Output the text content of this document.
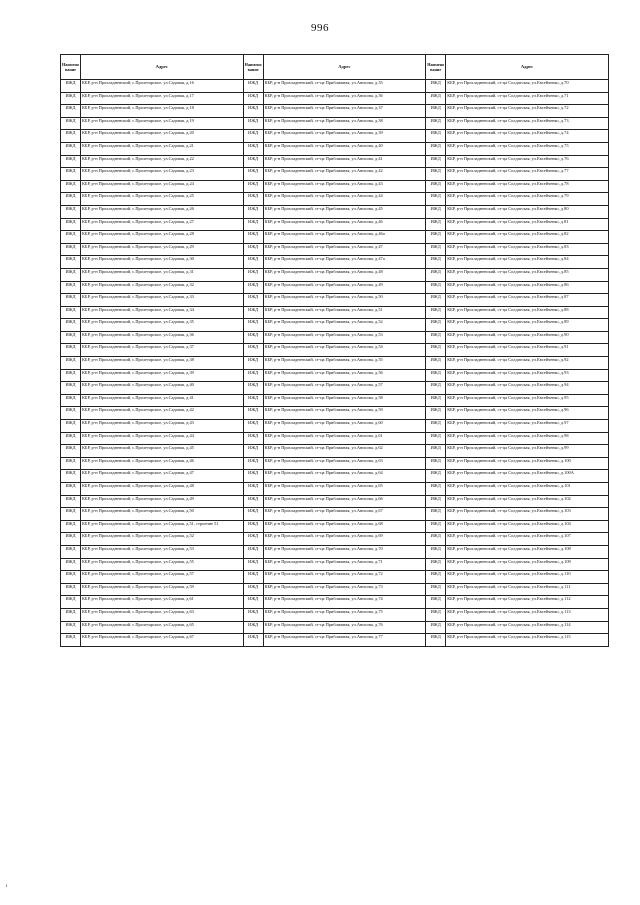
996
Наименование	Адрес	Наименование	Адрес	Наименование	Адрес
ИЖД	КБР, р-н Прохладненский, с.Пролетарское, ул.Садовая, д.16	ИЖД	КБР, р-н Прохладненский, ст-ца Приближная, ул.Анисова, д.35	ИЖД	КБР, р-н Прохладненский, ст-ца Солдатская, ул.Евсейченко, д.70
ИЖД	КБР, р-н Прохладненский, с.Пролетарское, ул.Садовая, д.17	ИЖД	КБР, р-н Прохладненский, ст-ца Приближная, ул.Анисова, д.36	ИЖД	КБР, р-н Прохладненский, ст-ца Солдатская, ул.Евсейченко, д.71
ИЖД	КБР, р-н Прохладненский, с.Пролетарское, ул.Садовая, д.18	ИЖД	КБР, р-н Прохладненский, ст-ца Приближная, ул.Анисова, д.37	ИЖД	КБР, р-н Прохладненский, ст-ца Солдатская, ул.Евсейченко, д.72
ИЖД	КБР, р-н Прохладненский, с.Пролетарское, ул.Садовая, д.19	ИЖД	КБР, р-н Прохладненский, ст-ца Приближная, ул.Анисова, д.38	ИЖД	КБР, р-н Прохладненский, ст-ца Солдатская, ул.Евсейченко, д.73
ИЖД	КБР, р-н Прохладненский, с.Пролетарское, ул.Садовая, д.20	ИЖД	КБР, р-н Прохладненский, ст-ца Приближная, ул.Анисова, д.39	ИЖД	КБР, р-н Прохладненский, ст-ца Солдатская, ул.Евсейченко, д.74
ИЖД	КБР, р-н Прохладненский, с.Пролетарское, ул.Садовая, д.21	ИЖД	КБР, р-н Прохладненский, ст-ца Приближная, ул.Анисова, д.40	ИЖД	КБР, р-н Прохладненский, ст-ца Солдатская, ул.Евсейченко, д.75
ИЖД	КБР, р-н Прохладненский, с.Пролетарское, ул.Садовая, д.22	ИЖД	КБР, р-н Прохладненский, ст-ца Приближная, ул.Анисова, д.41	ИЖД	КБР, р-н Прохладненский, ст-ца Солдатская, ул.Евсейченко, д.76
ИЖД	КБР, р-н Прохладненский, с.Пролетарское, ул.Садовая, д.23	ИЖД	КБР, р-н Прохладненский, ст-ца Приближная, ул.Анисова, д.42	ИЖД	КБР, р-н Прохладненский, ст-ца Солдатская, ул.Евсейченко, д.77
ИЖД	КБР, р-н Прохладненский, с.Пролетарское, ул.Садовая, д.24	ИЖД	КБР, р-н Прохладненский, ст-ца Приближная, ул.Анисова, д.43	ИЖД	КБР, р-н Прохладненский, ст-ца Солдатская, ул.Евсейченко, д.78
ИЖД	КБР, р-н Прохладненский, с.Пролетарское, ул.Садовая, д.25	ИЖД	КБР, р-н Прохладненский, ст-ца Приближная, ул.Анисова, д.44	ИЖД	КБР, р-н Прохладненский, ст-ца Солдатская, ул.Евсейченко, д.79
ИЖД	КБР, р-н Прохладненский, с.Пролетарское, ул.Садовая, д.26	ИЖД	КБР, р-н Прохладненский, ст-ца Приближная, ул.Анисова, д.45	ИЖД	КБР, р-н Прохладненский, ст-ца Солдатская, ул.Евсейченко, д.80
ИЖД	КБР, р-н Прохладненский, с.Пролетарское, ул.Садовая, д.27	ИЖД	КБР, р-н Прохладненский, ст-ца Приближная, ул.Анисова, д.46	ИЖД	КБР, р-н Прохладненский, ст-ца Солдатская, ул.Евсейченко, д.81
ИЖД	КБР, р-н Прохладненский, с.Пролетарское, ул.Садовая, д.28	ИЖД	КБР, р-н Прохладненский, ст-ца Приближная, ул.Анисова, д.46а	ИЖД	КБР, р-н Прохладненский, ст-ца Солдатская, ул.Евсейченко, д.82
ИЖД	КБР, р-н Прохладненский, с.Пролетарское, ул.Садовая, д.29	ИЖД	КБР, р-н Прохладненский, ст-ца Приближная, ул.Анисова, д.47	ИЖД	КБР, р-н Прохладненский, ст-ца Солдатская, ул.Евсейченко, д.83
ИЖД	КБР, р-н Прохладненский, с.Пролетарское, ул.Садовая, д.30	ИЖД	КБР, р-н Прохладненский, ст-ца Приближная, ул.Анисова, д.47а	ИЖД	КБР, р-н Прохладненский, ст-ца Солдатская, ул.Евсейченко, д.84
ИЖД	КБР, р-н Прохладненский, с.Пролетарское, ул.Садовая, д.31	ИЖД	КБР, р-н Прохладненский, ст-ца Приближная, ул.Анисова, д.48	ИЖД	КБР, р-н Прохладненский, ст-ца Солдатская, ул.Евсейченко, д.85
ИЖД	КБР, р-н Прохладненский, с.Пролетарское, ул.Садовая, д.32	ИЖД	КБР, р-н Прохладненский, ст-ца Приближная, ул.Анисова, д.49	ИЖД	КБР, р-н Прохладненский, ст-ца Солдатская, ул.Евсейченко, д.86
ИЖД	КБР, р-н Прохладненский, с.Пролетарское, ул.Садовая, д.33	ИЖД	КБР, р-н Прохладненский, ст-ца Приближная, ул.Анисова, д.50	ИЖД	КБР, р-н Прохладненский, ст-ца Солдатская, ул.Евсейченко, д.87
ИЖД	КБР, р-н Прохладненский, с.Пролетарское, ул.Садовая, д.34	ИЖД	КБР, р-н Прохладненский, ст-ца Приближная, ул.Анисова, д.51	ИЖД	КБР, р-н Прохладненский, ст-ца Солдатская, ул.Евсейченко, д.88
ИЖД	КБР, р-н Прохладненский, с.Пролетарское, ул.Садовая, д.35	ИЖД	КБР, р-н Прохладненский, ст-ца Приближная, ул.Анисова, д.52	ИЖД	КБР, р-н Прохладненский, ст-ца Солдатская, ул.Евсейченко, д.89
ИЖД	КБР, р-н Прохладненский, с.Пролетарское, ул.Садовая, д.36	ИЖД	КБР, р-н Прохладненский, ст-ца Приближная, ул.Анисова, д.53	ИЖД	КБР, р-н Прохладненский, ст-ца Солдатская, ул.Евсейченко, д.90
ИЖД	КБР, р-н Прохладненский, с.Пролетарское, ул.Садовая, д.37	ИЖД	КБР, р-н Прохладненский, ст-ца Приближная, ул.Анисова, д.54	ИЖД	КБР, р-н Прохладненский, ст-ца Солдатская, ул.Евсейченко, д.91
ИЖД	КБР, р-н Прохладненский, с.Пролетарское, ул.Садовая, д.38	ИЖД	КБР, р-н Прохладненский, ст-ца Приближная, ул.Анисова, д.55	ИЖД	КБР, р-н Прохладненский, ст-ца Солдатская, ул.Евсейченко, д.92
ИЖД	КБР, р-н Прохладненский, с.Пролетарское, ул.Садовая, д.39	ИЖД	КБР, р-н Прохладненский, ст-ца Приближная, ул.Анисова, д.56	ИЖД	КБР, р-н Прохладненский, ст-ца Солдатская, ул.Евсейченко, д.93
ИЖД	КБР, р-н Прохладненский, с.Пролетарское, ул.Садовая, д.40	ИЖД	КБР, р-н Прохладненский, ст-ца Приближная, ул.Анисова, д.57	ИЖД	КБР, р-н Прохладненский, ст-ца Солдатская, ул.Евсейченко, д.94
ИЖД	КБР, р-н Прохладненский, с.Пролетарское, ул.Садовая, д.41	ИЖД	КБР, р-н Прохладненский, ст-ца Приближная, ул.Анисова, д.58	ИЖД	КБР, р-н Прохладненский, ст-ца Солдатская, ул.Евсейченко, д.95
ИЖД	КБР, р-н Прохладненский, с.Пролетарское, ул.Садовая, д.42	ИЖД	КБР, р-н Прохладненский, ст-ца Приближная, ул.Анисова, д.59	ИЖД	КБР, р-н Прохладненский, ст-ца Солдатская, ул.Евсейченко, д.96
ИЖД	КБР, р-н Прохладненский, с.Пролетарское, ул.Садовая, д.43	ИЖД	КБР, р-н Прохладненский, ст-ца Приближная, ул.Анисова, д.60	ИЖД	КБР, р-н Прохладненский, ст-ца Солдатская, ул.Евсейченко, д.97
ИЖД	КБР, р-н Прохладненский, с.Пролетарское, ул.Садовая, д.44	ИЖД	КБР, р-н Прохладненский, ст-ца Приближная, ул.Анисова, д.61	ИЖД	КБР, р-н Прохладненский, ст-ца Солдатская, ул.Евсейченко, д.98
ИЖД	КБР, р-н Прохладненский, с.Пролетарское, ул.Садовая, д.45	ИЖД	КБР, р-н Прохладненский, ст-ца Приближная, ул.Анисова, д.62	ИЖД	КБР, р-н Прохладненский, ст-ца Солдатская, ул.Евсейченко, д.99
ИЖД	КБР, р-н Прохладненский, с.Пролетарское, ул.Садовая, д.46	ИЖД	КБР, р-н Прохладненский, ст-ца Приближная, ул.Анисова, д.63	ИЖД	КБР, р-н Прохладненский, ст-ца Солдатская, ул.Евсейченко, д.100
ИЖД	КБР, р-н Прохладненский, с.Пролетарское, ул.Садовая, д.47	ИЖД	КБР, р-н Прохладненский, ст-ца Приближная, ул.Анисова, д.64	ИЖД	КБР, р-н Прохладненский, ст-ца Солдатская, ул.Евсейченко, д.100А
ИЖД	КБР, р-н Прохладненский, с.Пролетарское, ул.Садовая, д.48	ИЖД	КБР, р-н Прохладненский, ст-ца Приближная, ул.Анисова, д.65	ИЖД	КБР, р-н Прохладненский, ст-ца Солдатская, ул.Евсейченко, д.101
ИЖД	КБР, р-н Прохладненский, с.Пролетарское, ул.Садовая, д.49	ИЖД	КБР, р-н Прохладненский, ст-ца Приближная, ул.Анисова, д.66	ИЖД	КБР, р-н Прохладненский, ст-ца Солдатская, ул.Евсейченко, д.102
ИЖД	КБР, р-н Прохладненский, с.Пролетарское, ул.Садовая, д.50	ИЖД	КБР, р-н Прохладненский, ст-ца Приближная, ул.Анисова, д.67	ИЖД	КБР, р-н Прохладненский, ст-ца Солдатская, ул.Евсейченко, д.103
ИЖД	КБР, р-н Прохладненский, с.Пролетарское, ул.Садовая, д.51, строение 51	ИЖД	КБР, р-н Прохладненский, ст-ца Приближная, ул.Анисова, д.68	ИЖД	КБР, р-н Прохладненский, ст-ца Солдатская, ул.Евсейченко, д.104
ИЖД	КБР, р-н Прохладненский, с.Пролетарское, ул.Садовая, д.52	ИЖД	КБР, р-н Прохладненский, ст-ца Приближная, ул.Анисова, д.69	ИЖД	КБР, р-н Прохладненский, ст-ца Солдатская, ул.Евсейченко, д.107
ИЖД	КБР, р-н Прохладненский, с.Пролетарское, ул.Садовая, д.53	ИЖД	КБР, р-н Прохладненский, ст-ца Приближная, ул.Анисова, д.70	ИЖД	КБР, р-н Прохладненский, ст-ца Солдатская, ул.Евсейченко, д.108
ИЖД	КБР, р-н Прохладненский, с.Пролетарское, ул.Садовая, д.55	ИЖД	КБР, р-н Прохладненский, ст-ца Приближная, ул.Анисова, д.71	ИЖД	КБР, р-н Прохладненский, ст-ца Солдатская, ул.Евсейченко, д.109
ИЖД	КБР, р-н Прохладненский, с.Пролетарское, ул.Садовая, д.57	ИЖД	КБР, р-н Прохладненский, ст-ца Приближная, ул.Анисова, д.72	ИЖД	КБР, р-н Прохладненский, ст-ца Солдатская, ул.Евсейченко, д.110
ИЖД	КБР, р-н Прохладненский, с.Пролетарское, ул.Садовая, д.59	ИЖД	КБР, р-н Прохладненский, ст-ца Приближная, ул.Анисова, д.73	ИЖД	КБР, р-н Прохладненский, ст-ца Солдатская, ул.Евсейченко, д.111
ИЖД	КБР, р-н Прохладненский, с.Пролетарское, ул.Садовая, д.61	ИЖД	КБР, р-н Прохладненский, ст-ца Приближная, ул.Анисова, д.74	ИЖД	КБР, р-н Прохладненский, ст-ца Солдатская, ул.Евсейченко, д.112
ИЖД	КБР, р-н Прохладненский, с.Пролетарское, ул.Садовая, д.63	ИЖД	КБР, р-н Прохладненский, ст-ца Приближная, ул.Анисова, д.75	ИЖД	КБР, р-н Прохладненский, ст-ца Солдатская, ул.Евсейченко, д.113
ИЖД	КБР, р-н Прохладненский, с.Пролетарское, ул.Садовая, д.65	ИЖД	КБР, р-н Прохладненский, ст-ца Приближная, ул.Анисова, д.76	ИЖД	КБР, р-н Прохладненский, ст-ца Солдатская, ул.Евсейченко, д.114
ИЖД	КБР, р-н Прохладненский, с.Пролетарское, ул.Садовая, д.67	ИЖД	КБР, р-н Прохладненский, ст-ца Приближная, ул.Анисова, д.77	ИЖД	КБР, р-н Прохладненский, ст-ца Солдатская, ул.Евсейченко, д.115
ı
